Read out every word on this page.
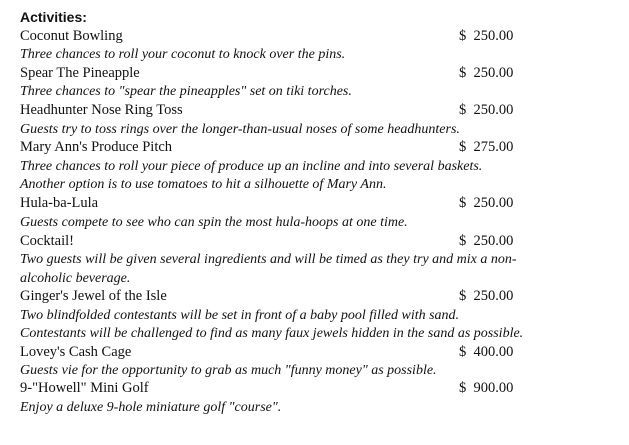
Activities:
Coconut Bowling	$  250.00
Three chances to roll your coconut to knock over the pins.
Spear The Pineapple	$  250.00
Three chances to "spear the pineapples" set on tiki torches.
Headhunter Nose Ring Toss	$  250.00
Guests try to toss rings over the longer-than-usual noses of some headhunters.
Mary Ann's Produce Pitch	$  275.00
Three chances to roll your piece of produce up an incline and into several baskets.
Another option is to use tomatoes to hit a silhouette of Mary Ann.
Hula-ba-Lula	$  250.00
Guests compete to see who can spin the most hula-hoops at one time.
Cocktail!	$  250.00
Two guests will be given several ingredients and will be timed as they try and mix a non-
alcoholic beverage.
Ginger's Jewel of the Isle	$  250.00
Two blindfolded contestants will be set in front of a baby pool filled with sand.
Contestants will be challenged to find as many faux jewels hidden in the sand as possible.
Lovey's Cash Cage	$  400.00
Guests vie for the opportunity to grab as much "funny money" as possible.
9-"Howell" Mini Golf	$  900.00
Enjoy a deluxe 9-hole miniature golf "course".
